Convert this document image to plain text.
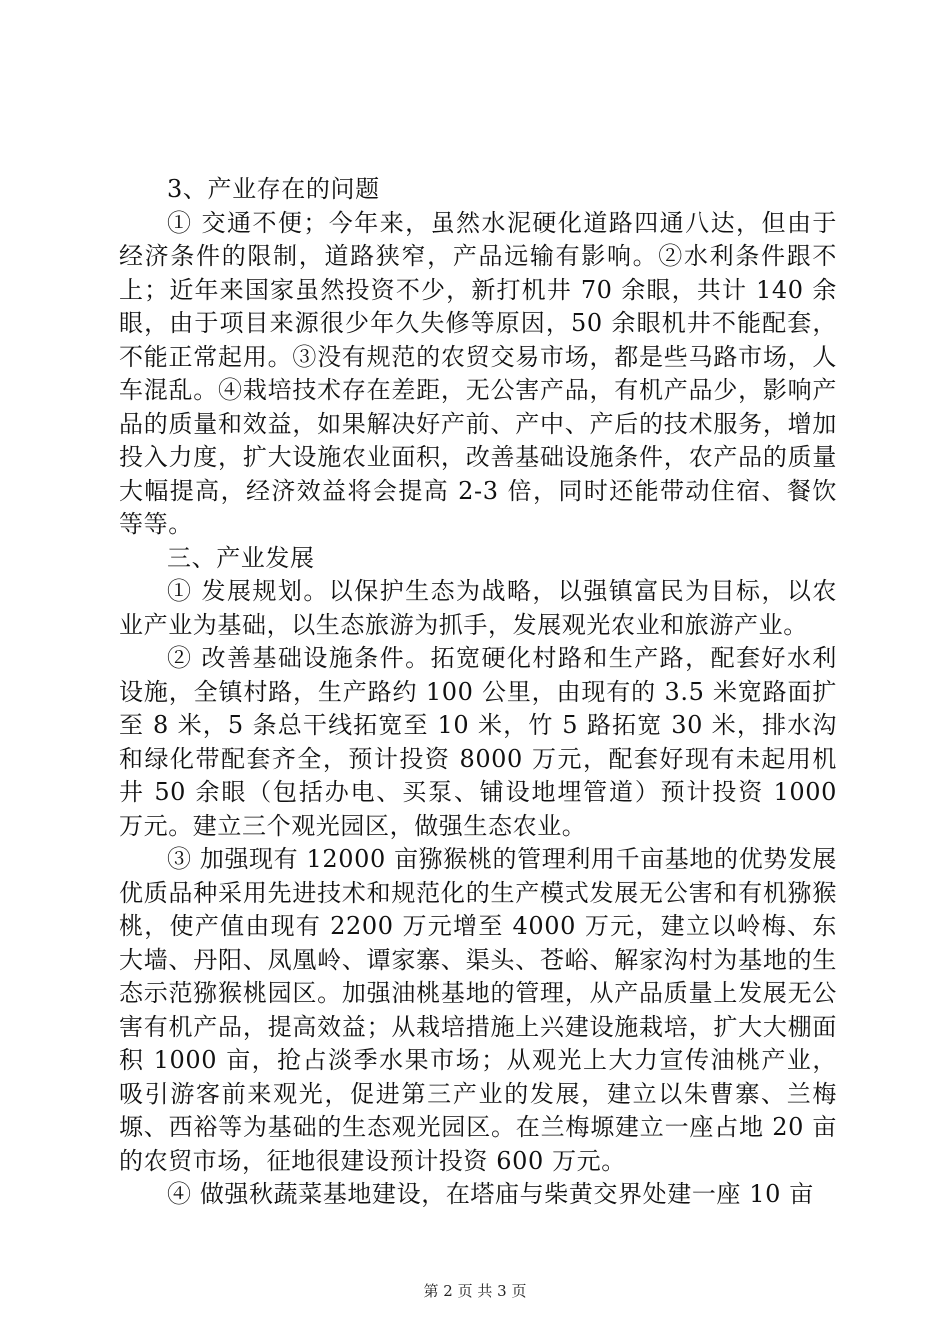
3、产业存在的问题

① 交通不便；今年来，虽然水泥硬化道路四通八达，但由于经济条件的限制，道路狭窄，产品远输有影响。②水利条件跟不上；近年来国家虽然投资不少，新打机井 70 余眼，共计 140 余眼，由于项目来源很少年久失修等原因，50 余眼机井不能配套，不能正常起用。③没有规范的农贸交易市场，都是些马路市场，人车混乱。④栽培技术存在差距，无公害产品，有机产品少，影响产品的质量和效益，如果解决好产前、产中、产后的技术服务，增加投入力度，扩大设施农业面积，改善基础设施条件，农产品的质量大幅提高，经济效益将会提高 2-3 倍，同时还能带动住宿、餐饮等等。

三、产业发展

① 发展规划。以保护生态为战略，以强镇富民为目标，以农业产业为基础，以生态旅游为抓手，发展观光农业和旅游产业。

② 改善基础设施条件。拓宽硬化村路和生产路，配套好水利设施，全镇村路，生产路约 100 公里，由现有的 3.5 米宽路面扩至 8 米，5 条总干线拓宽至 10 米，竹 5 路拓宽 30 米，排水沟和绿化带配套齐全，预计投资 8000 万元，配套好现有未起用机井 50 余眼（包括办电、买泵、铺设地埋管道）预计投资 1000 万元。建立三个观光园区，做强生态农业。

③ 加强现有 12000 亩猕猴桃的管理利用千亩基地的优势发展优质品种采用先进技术和规范化的生产模式发展无公害和有机猕猴桃，使产值由现有 2200 万元增至 4000 万元，建立以岭梅、东大墙、丹阳、凤凰岭、谭家寨、渠头、苍峪、解家沟村为基地的生态示范猕猴桃园区。加强油桃基地的管理，从产品质量上发展无公害有机产品，提高效益；从栽培措施上兴建设施栽培，扩大大棚面积 1000 亩，抢占淡季水果市场；从观光上大力宣传油桃产业，吸引游客前来观光，促进第三产业的发展，建立以朱曹寨、兰梅塬、西裕等为基础的生态观光园区。在兰梅塬建立一座占地 20 亩的农贸市场，征地很建设预计投资 600 万元。

④ 做强秋蔬菜基地建设，在塔庙与柴黄交界处建一座 10 亩

第 2 页 共 3 页
